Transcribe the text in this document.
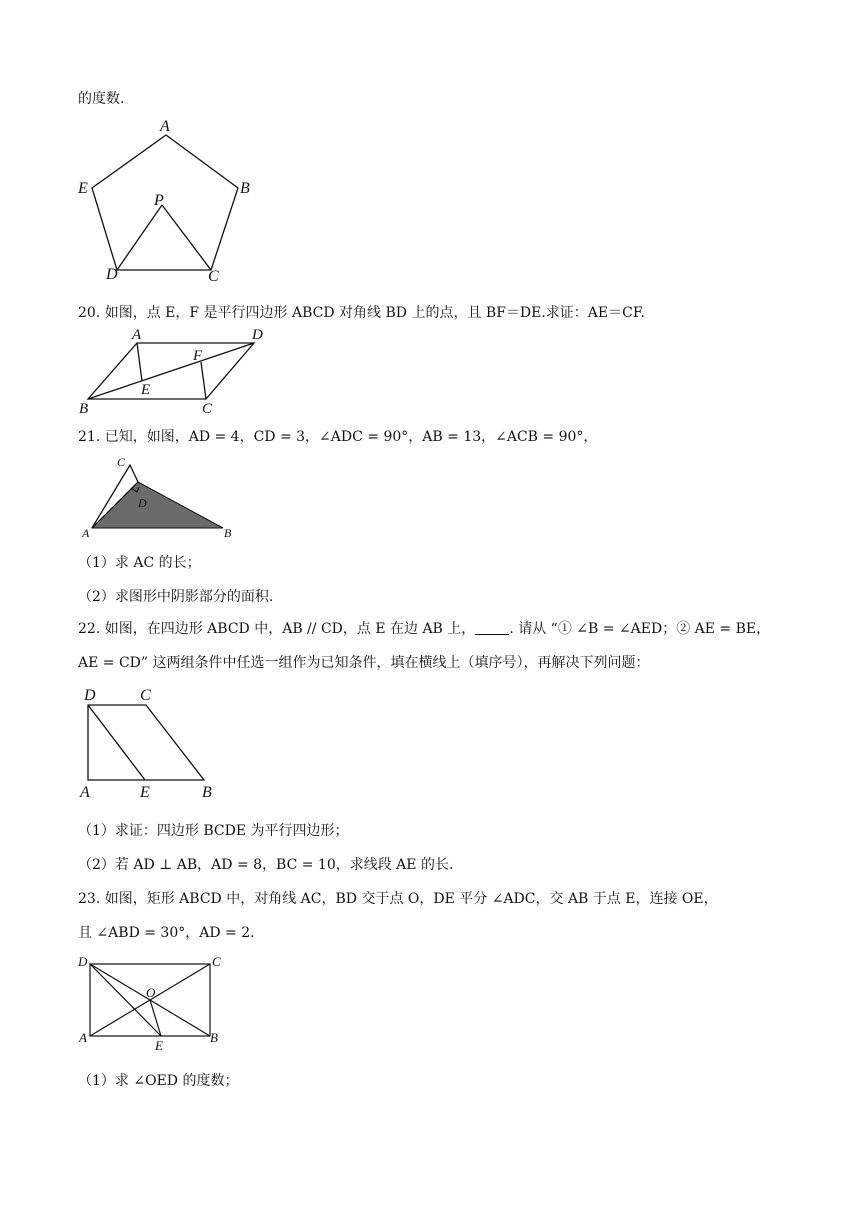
的度数.
A
B
C
D
E
P
20. 如图，点 E，F 是平行四边形 ABCD 对角线 BD 上的点，且 BF＝DE.求证：AE＝CF.
A
B	C
D
E
F
21. 已知，如图，AD = 4，CD = 3，∠ADC = 90°，AB = 13，∠ACB = 90°，
A	B
C
D
（1）求 AC 的长；
（2）求图形中阴影部分的面积.
22. 如图，在四边形 ABCD 中，AB // CD，点 E 在边 AB 上， . 请从 “① ∠B = ∠AED；② AE = BE，
AE = CD” 这两组条件中任选一组作为已知条件，填在横线上（填序号），再解决下列问题：
D	C
A	E	B
（1）求证：四边形 BCDE 为平行四边形；
（2）若 AD ⊥ AB，AD = 8，BC = 10，求线段 AE 的长.
23. 如图，矩形 ABCD 中，对角线 AC，BD 交于点 O，DE 平分 ∠ADC，交 AB 于点 E，连接 OE，
且 ∠ABD = 30°，AD = 2.
D	C
O
A
E
B
（1）求 ∠OED 的度数；
